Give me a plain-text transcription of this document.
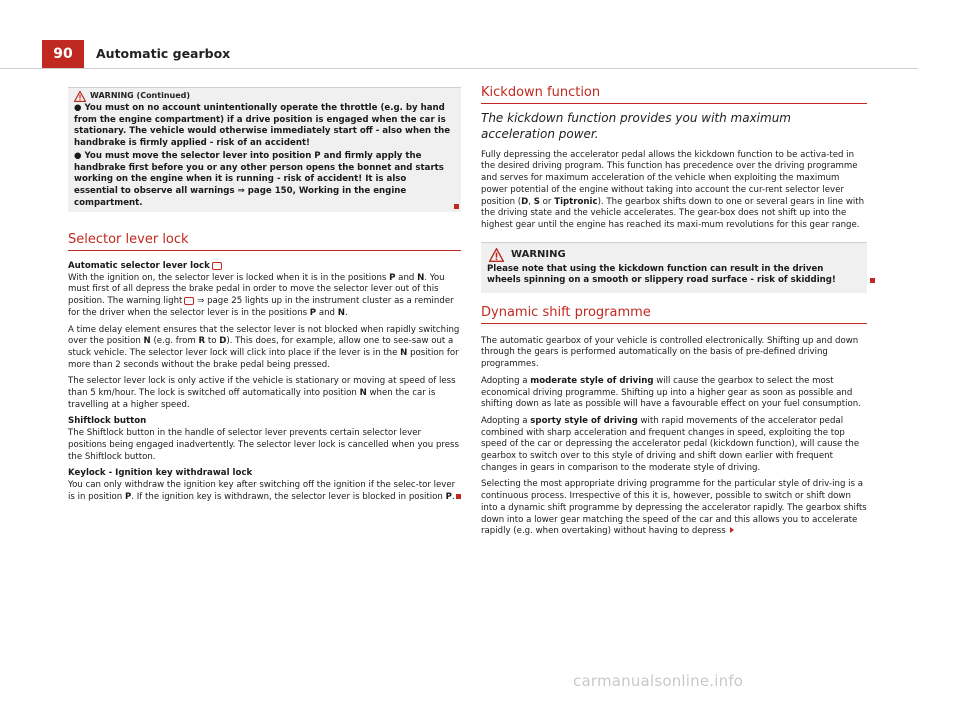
90	Automatic gearbox
WARNING (Continued)
● You must on no account unintentionally operate the throttle (e.g. by hand from the engine compartment) if a drive position is engaged when the car is stationary. The vehicle would otherwise immediately start off - also when the handbrake is firmly applied - risk of an accident!
● You must move the selector lever into position P and firmly apply the handbrake first before you or any other person opens the bonnet and starts working on the engine when it is running - risk of accident! It is also essential to observe all warnings ⇒ page 150, Working in the engine compartment.
Selector lever lock

Automatic selector lever lock

With the ignition on, the selector lever is locked when it is in the positions P and N. You must first of all depress the brake pedal in order to move the selector lever out of this position. The warning light ⇒ page 25 lights up in the instrument cluster as a reminder for the driver when the selector lever is in the positions P and N.

A time delay element ensures that the selector lever is not blocked when rapidly switching over the position N (e.g. from R to D). This does, for example, allow one to see-saw out a stuck vehicle. The selector lever lock will click into place if the lever is in the N position for more than 2 seconds without the brake pedal being pressed.

The selector lever lock is only active if the vehicle is stationary or moving at speed of less than 5 km/hour. The lock is switched off automatically into position N when the car is travelling at a higher speed.

Shiftlock button

The Shiftlock button in the handle of selector lever prevents certain selector lever positions being engaged inadvertently. The selector lever lock is cancelled when you press the Shiftlock button.

Keylock - Ignition key withdrawal lock

You can only withdraw the ignition key after switching off the ignition if the selec-tor lever is in position P. If the ignition key is withdrawn, the selector lever is blocked in position P.

Kickdown function
The kickdown function provides you with maximum acceleration power.

Fully depressing the accelerator pedal allows the kickdown function to be activa-ted in the desired driving program. This function has precedence over the driving programme and serves for maximum acceleration of the vehicle when exploiting the maximum power potential of the engine without taking into account the cur-rent selector lever position (D, S or Tiptronic). The gearbox shifts down to one or several gears in line with the driving state and the vehicle accelerates. The gear-box does not shift up into the highest gear until the engine has reached its maxi-mum revolutions for this gear range.

WARNING
Please note that using the kickdown function can result in the driven wheels spinning on a smooth or slippery road surface - risk of skidding!
Dynamic shift programme

The automatic gearbox of your vehicle is controlled electronically. Shifting up and down through the gears is performed automatically on the basis of pre-defined driving programmes.

Adopting a moderate style of driving will cause the gearbox to select the most economical driving programme. Shifting up into a higher gear as soon as possible and shifting down as late as possible will have a favourable effect on your fuel consumption.

Adopting a sporty style of driving with rapid movements of the accelerator pedal combined with sharp acceleration and frequent changes in speed, exploiting the top speed of the car or depressing the accelerator pedal (kickdown function), will cause the gearbox to switch over to this style of driving and shift down earlier with frequent changes in gears in comparison to the moderate style of driving.

Selecting the most appropriate driving programme for the particular style of driv-ing is a continuous process. Irrespective of this it is, however, possible to switch or shift down into a dynamic shift programme by depressing the accelerator rapidly. The gearbox shifts down into a lower gear matching the speed of the car and this allows you to accelerate rapidly (e.g. when overtaking) without having to depress

carmanualsonline.info
